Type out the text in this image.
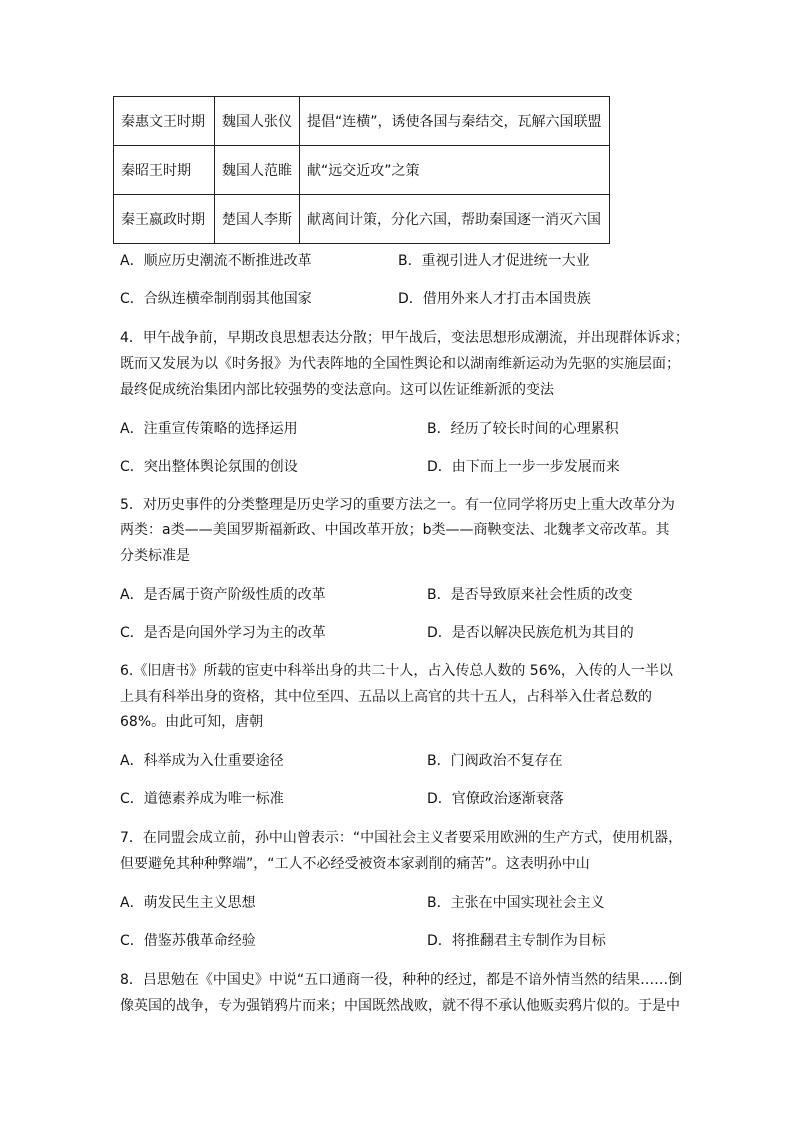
秦惠文王时期	魏国人张仪	提倡“连横”，诱使各国与秦结交，瓦解六国联盟
秦昭王时期	魏国人范睢	献“远交近攻”之策
秦王嬴政时期	楚国人李斯	献离间计策，分化六国，帮助秦国逐一消灭六国
A．顺应历史潮流不断推进改革	B．重视引进人才促进统一大业
C．合纵连横牵制削弱其他国家	D．借用外来人才打击本国贵族
4．甲午战争前，早期改良思想表达分散；甲午战后，变法思想形成潮流，并出现群体诉求；
既而又发展为以《时务报》为代表阵地的全国性舆论和以湖南维新运动为先驱的实施层面；
最终促成统治集团内部比较强势的变法意向。这可以佐证维新派的变法
A．注重宣传策略的选择运用	B．经历了较长时间的心理累积
C．突出整体舆论氛围的创设	D．由下而上一步一步发展而来
5．对历史事件的分类整理是历史学习的重要方法之一。有一位同学将历史上重大改革分为
两类：a类——美国罗斯福新政、中国改革开放；b类——商鞅变法、北魏孝文帝改革。其
分类标准是
A．是否属于资产阶级性质的改革	B．是否导致原来社会性质的改变
C．是否是向国外学习为主的改革	D．是否以解决民族危机为其目的
6.《旧唐书》所载的宦吏中科举出身的共二十人，占入传总人数的 56%，入传的人一半以
上具有科举出身的资格，其中位至四、五品以上高官的共十五人，占科举入仕者总数的
68%。由此可知，唐朝
A．科举成为入仕重要途径	B．门阀政治不复存在
C．道德素养成为唯一标准	D．官僚政治逐渐衰落
7．在同盟会成立前，孙中山曾表示：“中国社会主义者要采用欧洲的生产方式，使用机器，
但要避免其种种弊端”，“工人不必经受被资本家剥削的痛苦”。这表明孙中山
A．萌发民生主义思想	B．主张在中国实现社会主义
C．借鉴苏俄革命经验	D．将推翻君主专制作为目标
8．吕思勉在《中国史》中说“五口通商一役，种种的经过，都是不谙外情当然的结果……倒
像英国的战争，专为强销鸦片而来；中国既然战败，就不得不承认他贩卖鸦片似的。于是中
